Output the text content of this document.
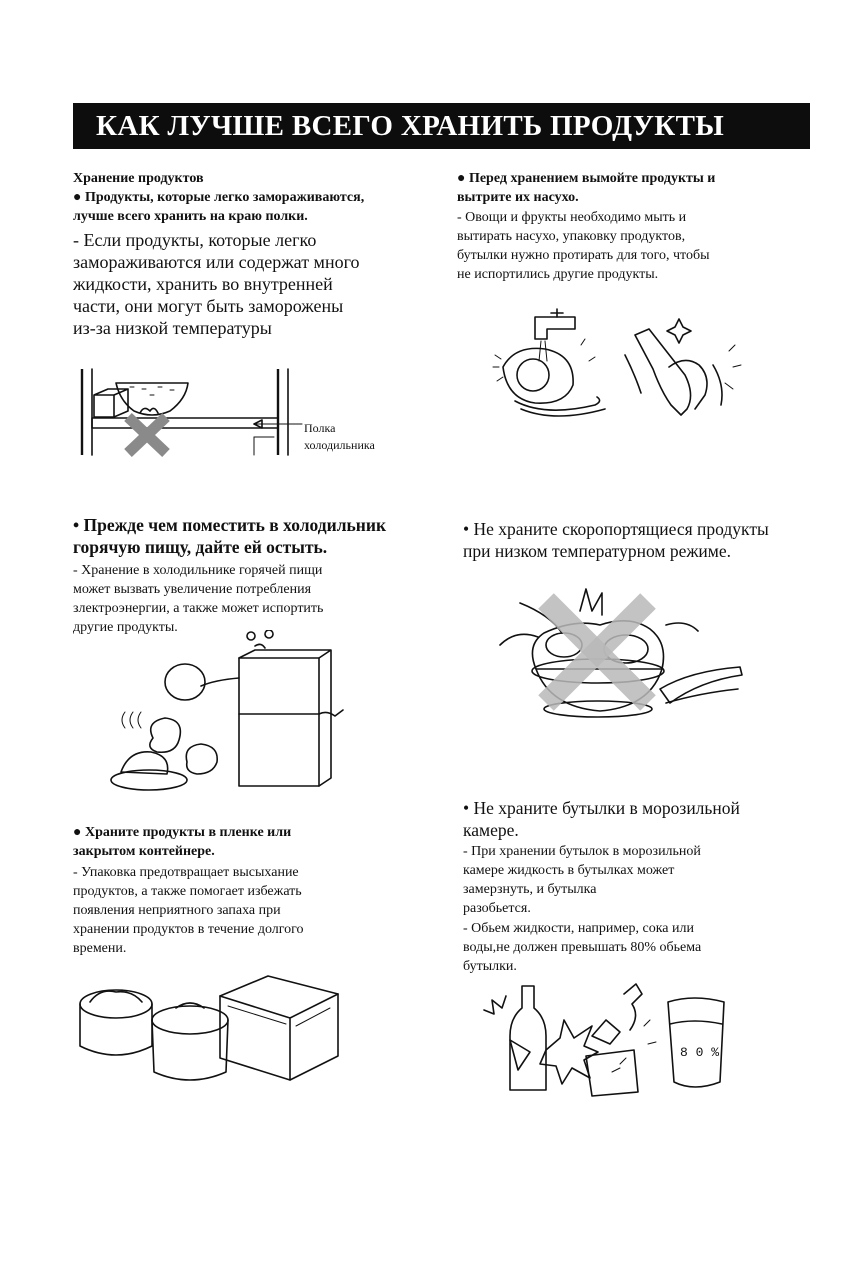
КАК ЛУЧШЕ ВСЕГО ХРАНИТЬ ПРОДУКТЫ

Хранение продуктов

● Продукты, которые легко замораживаются,
лучше всего хранить на краю полки.

- Если продукты, которые легко
замораживаются или содержат много
жидкости, хранить во внутренней
части, они могут быть заморожены
из-за низкой температуры

Полка
холодильника

● Перед хранением вымойте продукты и
вытрите их насухо.

- Овощи и фрукты необходимо мыть и
вытирать насухо, упаковку продуктов,
бутылки нужно протирать для того, чтобы
не испортились другие продукты.

• Прежде чем поместить в холодильник
горячую пищу, дайте ей остыть.

- Хранение в холодильнике горячей пищи
может вызвать увеличение потребления
злектроэнергии, а также может испортить
другие продукты.

• Не храните скоропортящиеся продукты
при низком температурном режиме.

● Храните продукты в пленке или
закрытом контейнере.

- Упаковка предотвращает высыхание
продуктов, а также помогает избежать
появления неприятного запаха при
хранении продуктов в течение долгого
времени.

• Не храните бутылки в морозильной
камере.

- При хранении бутылок в морозильной
камере жидкость в бутылках может
замерзнуть, и бутылка
разобьется.

- Обьем жидкости, например, сока или
воды,не должен превышать 80% обьема
бутылки.

8 0 %
